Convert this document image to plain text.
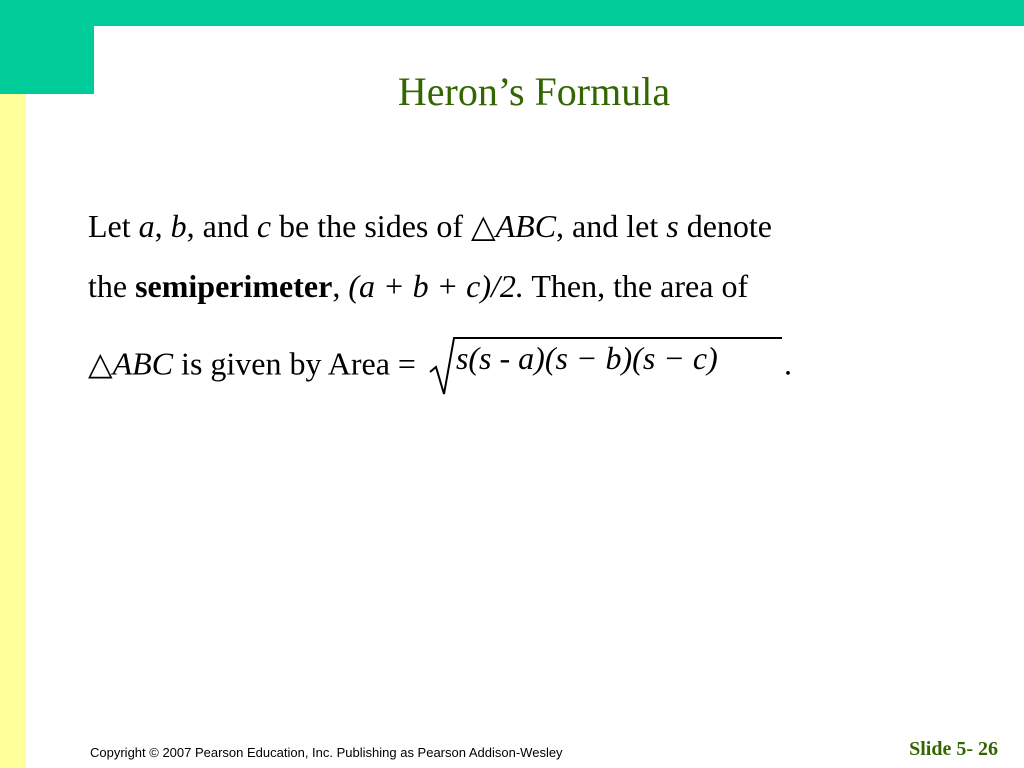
Heron’s Formula
Let a, b, and c be the sides of △ABC, and let s denote
the semiperimeter, (a + b + c)/2. Then, the area of
△ABC is given by Area = s(s - a)(s − b)(s − c) .
Copyright © 2007 Pearson Education, Inc. Publishing as Pearson Addison-Wesley	Slide 5- 26
